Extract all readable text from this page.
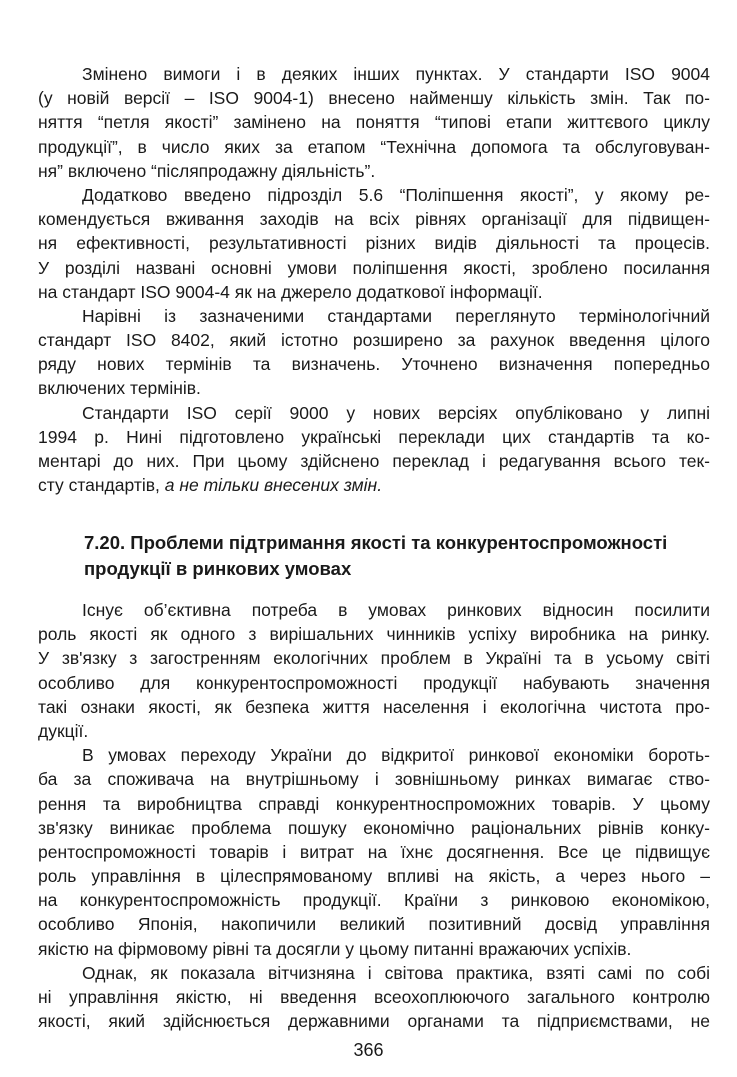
Змінено вимоги і в деяких інших пунктах. У стандарти ISO 9004
(у новій версії – ISO 9004-1) внесено найменшу кількість змін. Так по-
няття “петля якості” замінено на поняття “типові етапи життєвого циклу
продукції”, в число яких за етапом “Технічна допомога та обслуговуван-
ня” включено “післяпродажну діяльність”.
Додатково введено підрозділ 5.6 “Поліпшення якості”, у якому ре-
комендується вживання заходів на всіх рівнях організації для підвищен-
ня ефективності, результативності різних видів діяльності та процесів.
У розділі названі основні умови поліпшення якості, зроблено посилання
на стандарт ISO 9004-4 як на джерело додаткової інформації.
Нарівні із зазначеними стандартами переглянуто термінологічний
стандарт ISO 8402, який істотно розширено за рахунок введення цілого
ряду нових термінів та визначень. Уточнено визначення попередньо
включених термінів.
Стандарти ISO серії 9000 у нових версіях опубліковано у липні
1994 р. Нині підготовлено українські переклади цих стандартів та ко-
ментарі до них. При цьому здійснено переклад і редагування всього тек-
сту стандартів, а не тільки внесених змін.
7.20. Проблеми підтримання якості та конкурентоспроможності
продукції в ринкових умовах
Існує об’єктивна потреба в умовах ринкових відносин посилити
роль якості як одного з вирішальних чинників успіху виробника на ринку.
У зв'язку з загостренням екологічних проблем в Україні та в усьому світі
особливо для конкурентоспроможності продукції набувають значення
такі ознаки якості, як безпека життя населення і екологічна чистота про-
дукції.
В умовах переходу України до відкритої ринкової економіки бороть-
ба за споживача на внутрішньому і зовнішньому ринках вимагає ство-
рення та виробництва справді конкурентноспроможних товарів. У цьому
зв'язку виникає проблема пошуку економічно раціональних рівнів конку-
рентоспроможності товарів і витрат на їхнє досягнення. Все це підвищує
роль управління в цілеспрямованому впливі на якість, а через нього –
на конкурентоспроможність продукції. Країни з ринковою економікою,
особливо Японія, накопичили великий позитивний досвід управління
якістю на фірмовому рівні та досягли у цьому питанні вражаючих успіхів.
Однак, як показала вітчизняна і світова практика, взяті самі по собі
ні управління якістю, ні введення всеохоплюючого загального контролю
якості, який здійснюється державними органами та підприємствами, не
366
